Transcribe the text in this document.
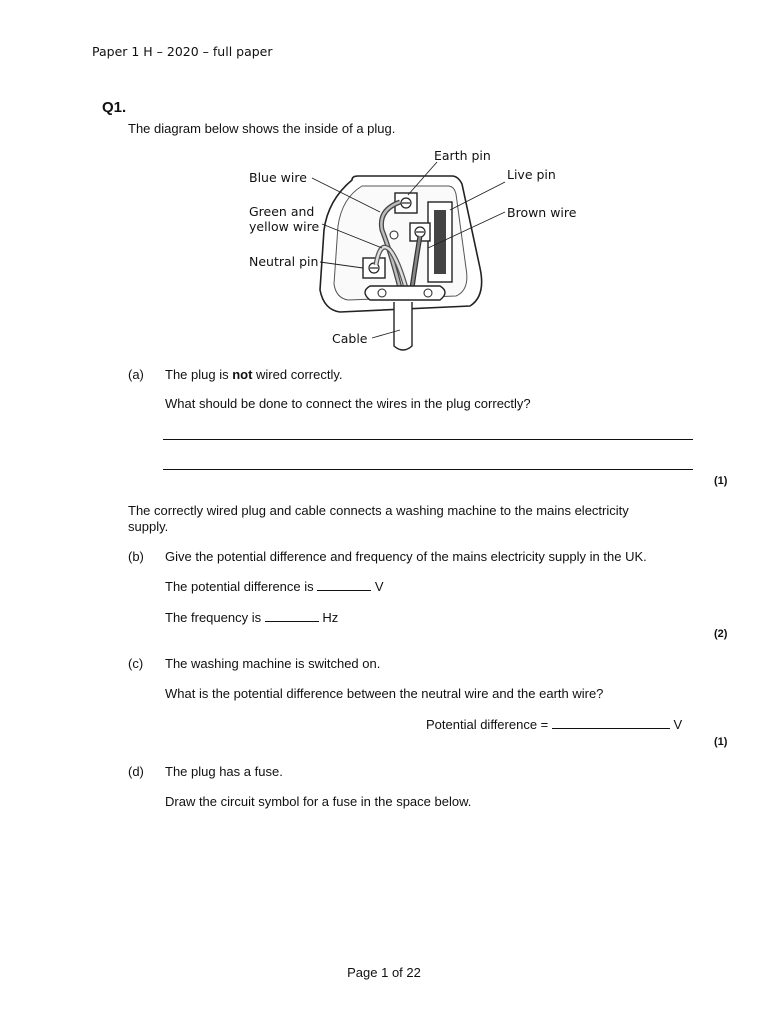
Paper 1 H – 2020 – full paper
Q1.
The diagram below shows the inside of a plug.
Earth pin
Live pin
Blue wire
Green and
yellow wire
Brown wire
Neutral pin
Cable
(a) The plug is not wired correctly.
What should be done to connect the wires in the plug correctly?
(1)
The correctly wired plug and cable connects a washing machine to the mains electricity
supply.
(b) Give the potential difference and frequency of the mains electricity supply in the UK.
The potential difference is	V
The frequency is	Hz
(2)
(c) The washing machine is switched on.
What is the potential difference between the neutral wire and the earth wire?
Potential difference =	V
(1)
(d) The plug has a fuse.
Draw the circuit symbol for a fuse in the space below.
Page 1 of 22
